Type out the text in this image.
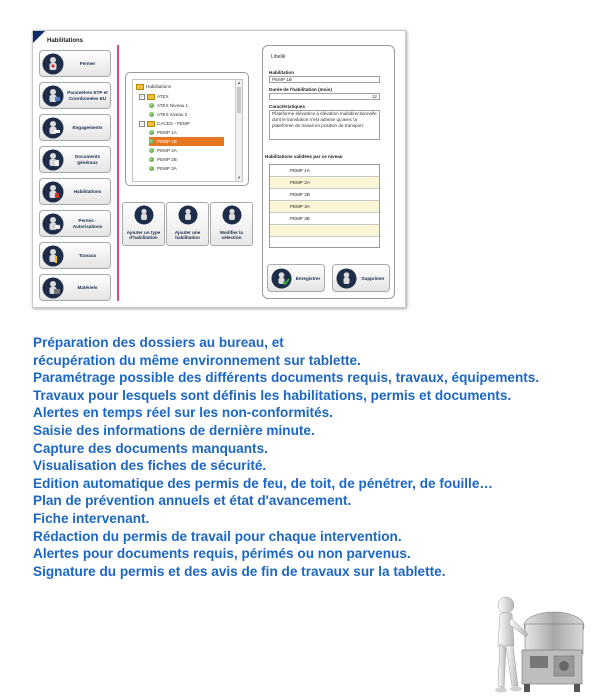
Habilitations
Fermer
Paramètres ETP et Coordonnées EU
Engagements
Documents généraux
Habilitations
Permis - Autorisations
Travaux
Matériels
Habilitations
−	ATEX
ATEX Niveau 1
ATEX niveau 2
−	CACES - PEMP
PEMP 1A
PEMP 1B
PEMP 2A
PEMP 2B
PEMP 3A
▲
▼
Ajouter un type d'habilitation
Ajouter une habilitation
Modifier la sélection
Libellé
Habilitation
PEMP 1B
Durée de l'habilitation (mois)
12
Caractéristiques
Plateforme élévatrice à élévation multidirectionnelle dont le translation n'est admise qu'avec la plateforme de travail en position de transport
Habilitations validées par ce niveau
PEMP 1A
PEMP 2A
PEMP 2B
PEMP 3A
PEMP 3B
Enregistrer	Supprimer
Préparation des dossiers au bureau, et
récupération du même environnement sur tablette.
Paramétrage possible des différents documents requis, travaux, équipements.
Travaux pour lesquels sont définis les habilitations, permis et documents.
Alertes en temps réel sur les non-conformités.
Saisie des informations de dernière minute.
Capture des documents manquants.
Visualisation des fiches de sécurité.
Edition automatique des permis de feu, de toit, de pénétrer, de fouille…
Plan de prévention annuels et état d'avancement.
Fiche intervenant.
Rédaction du permis de travail pour chaque intervention.
Alertes pour documents requis, périmés ou non parvenus.
Signature du permis et des avis de fin de travaux sur la tablette.
